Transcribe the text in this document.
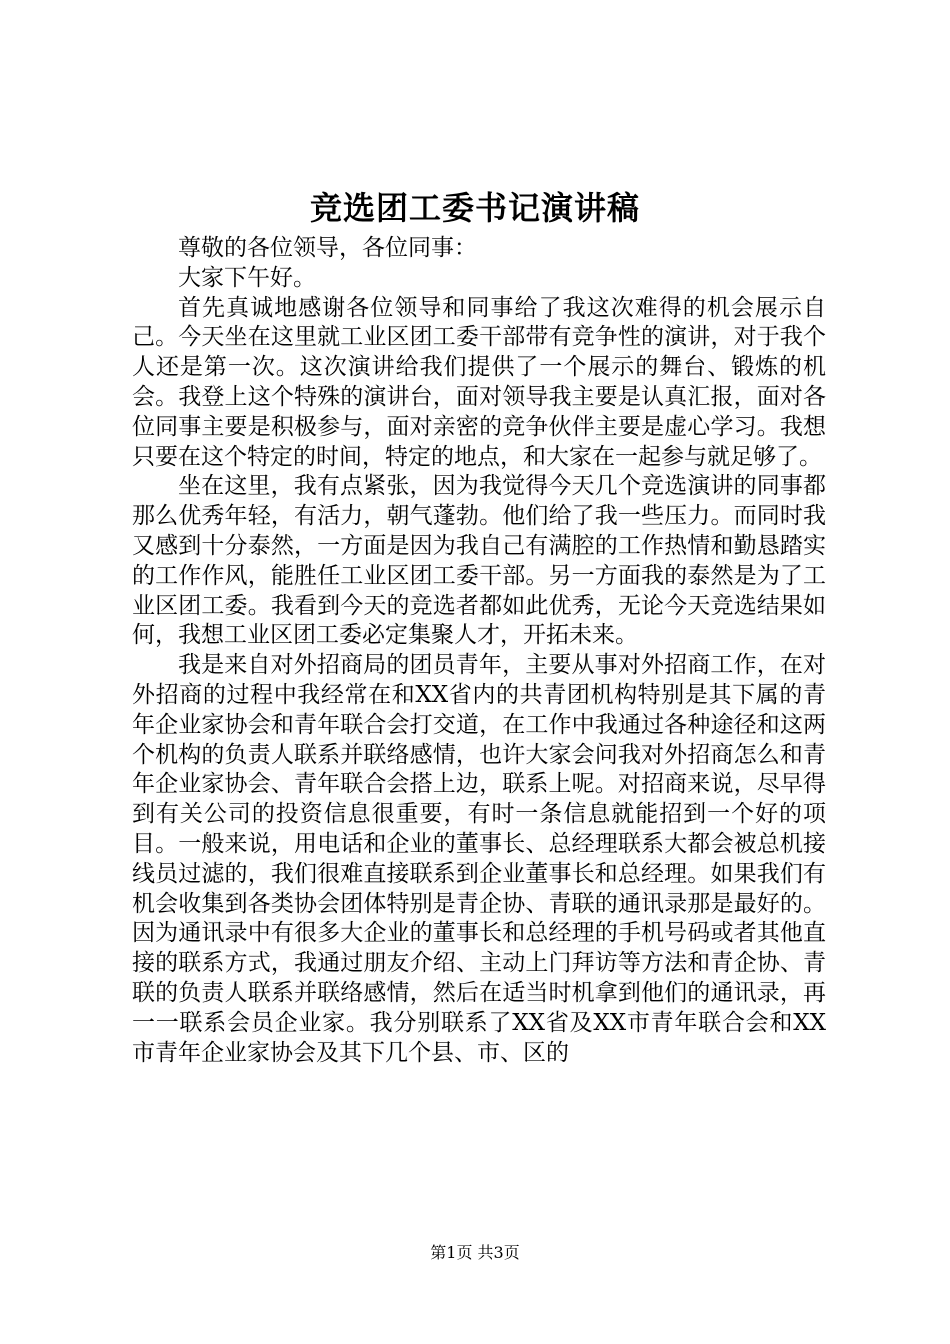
竞选团工委书记演讲稿

尊敬的各位领导，各位同事：

大家下午好。

首先真诚地感谢各位领导和同事给了我这次难得的机会展示自己。今天坐在这里就工业区团工委干部带有竞争性的演讲，对于我个人还是第一次。这次演讲给我们提供了一个展示的舞台、锻炼的机会。我登上这个特殊的演讲台，面对领导我主要是认真汇报，面对各位同事主要是积极参与，面对亲密的竞争伙伴主要是虚心学习。我想只要在这个特定的时间，特定的地点，和大家在一起参与就足够了。

坐在这里，我有点紧张，因为我觉得今天几个竞选演讲的同事都那么优秀年轻，有活力，朝气蓬勃。他们给了我一些压力。而同时我又感到十分泰然，一方面是因为我自己有满腔的工作热情和勤恳踏实的工作作风，能胜任工业区团工委干部。另一方面我的泰然是为了工业区团工委。我看到今天的竞选者都如此优秀，无论今天竞选结果如何，我想工业区团工委必定集聚人才，开拓未来。

我是来自对外招商局的团员青年，主要从事对外招商工作，在对外招商的过程中我经常在和XX省内的共青团机构特别是其下属的青年企业家协会和青年联合会打交道，在工作中我通过各种途径和这两个机构的负责人联系并联络感情，也许大家会问我对外招商怎么和青年企业家协会、青年联合会搭上边，联系上呢。对招商来说，尽早得到有关公司的投资信息很重要，有时一条信息就能招到一个好的项目。一般来说，用电话和企业的董事长、总经理联系大都会被总机接线员过滤的，我们很难直接联系到企业董事长和总经理。如果我们有机会收集到各类协会团体特别是青企协、青联的通讯录那是最好的。因为通讯录中有很多大企业的董事长和总经理的手机号码或者其他直接的联系方式，我通过朋友介绍、主动上门拜访等方法和青企协、青联的负责人联系并联络感情，然后在适当时机拿到他们的通讯录，再一一联系会员企业家。我分别联系了XX省及XX市青年联合会和XX市青年企业家协会及其下几个县、市、区的

第1页 共3页
